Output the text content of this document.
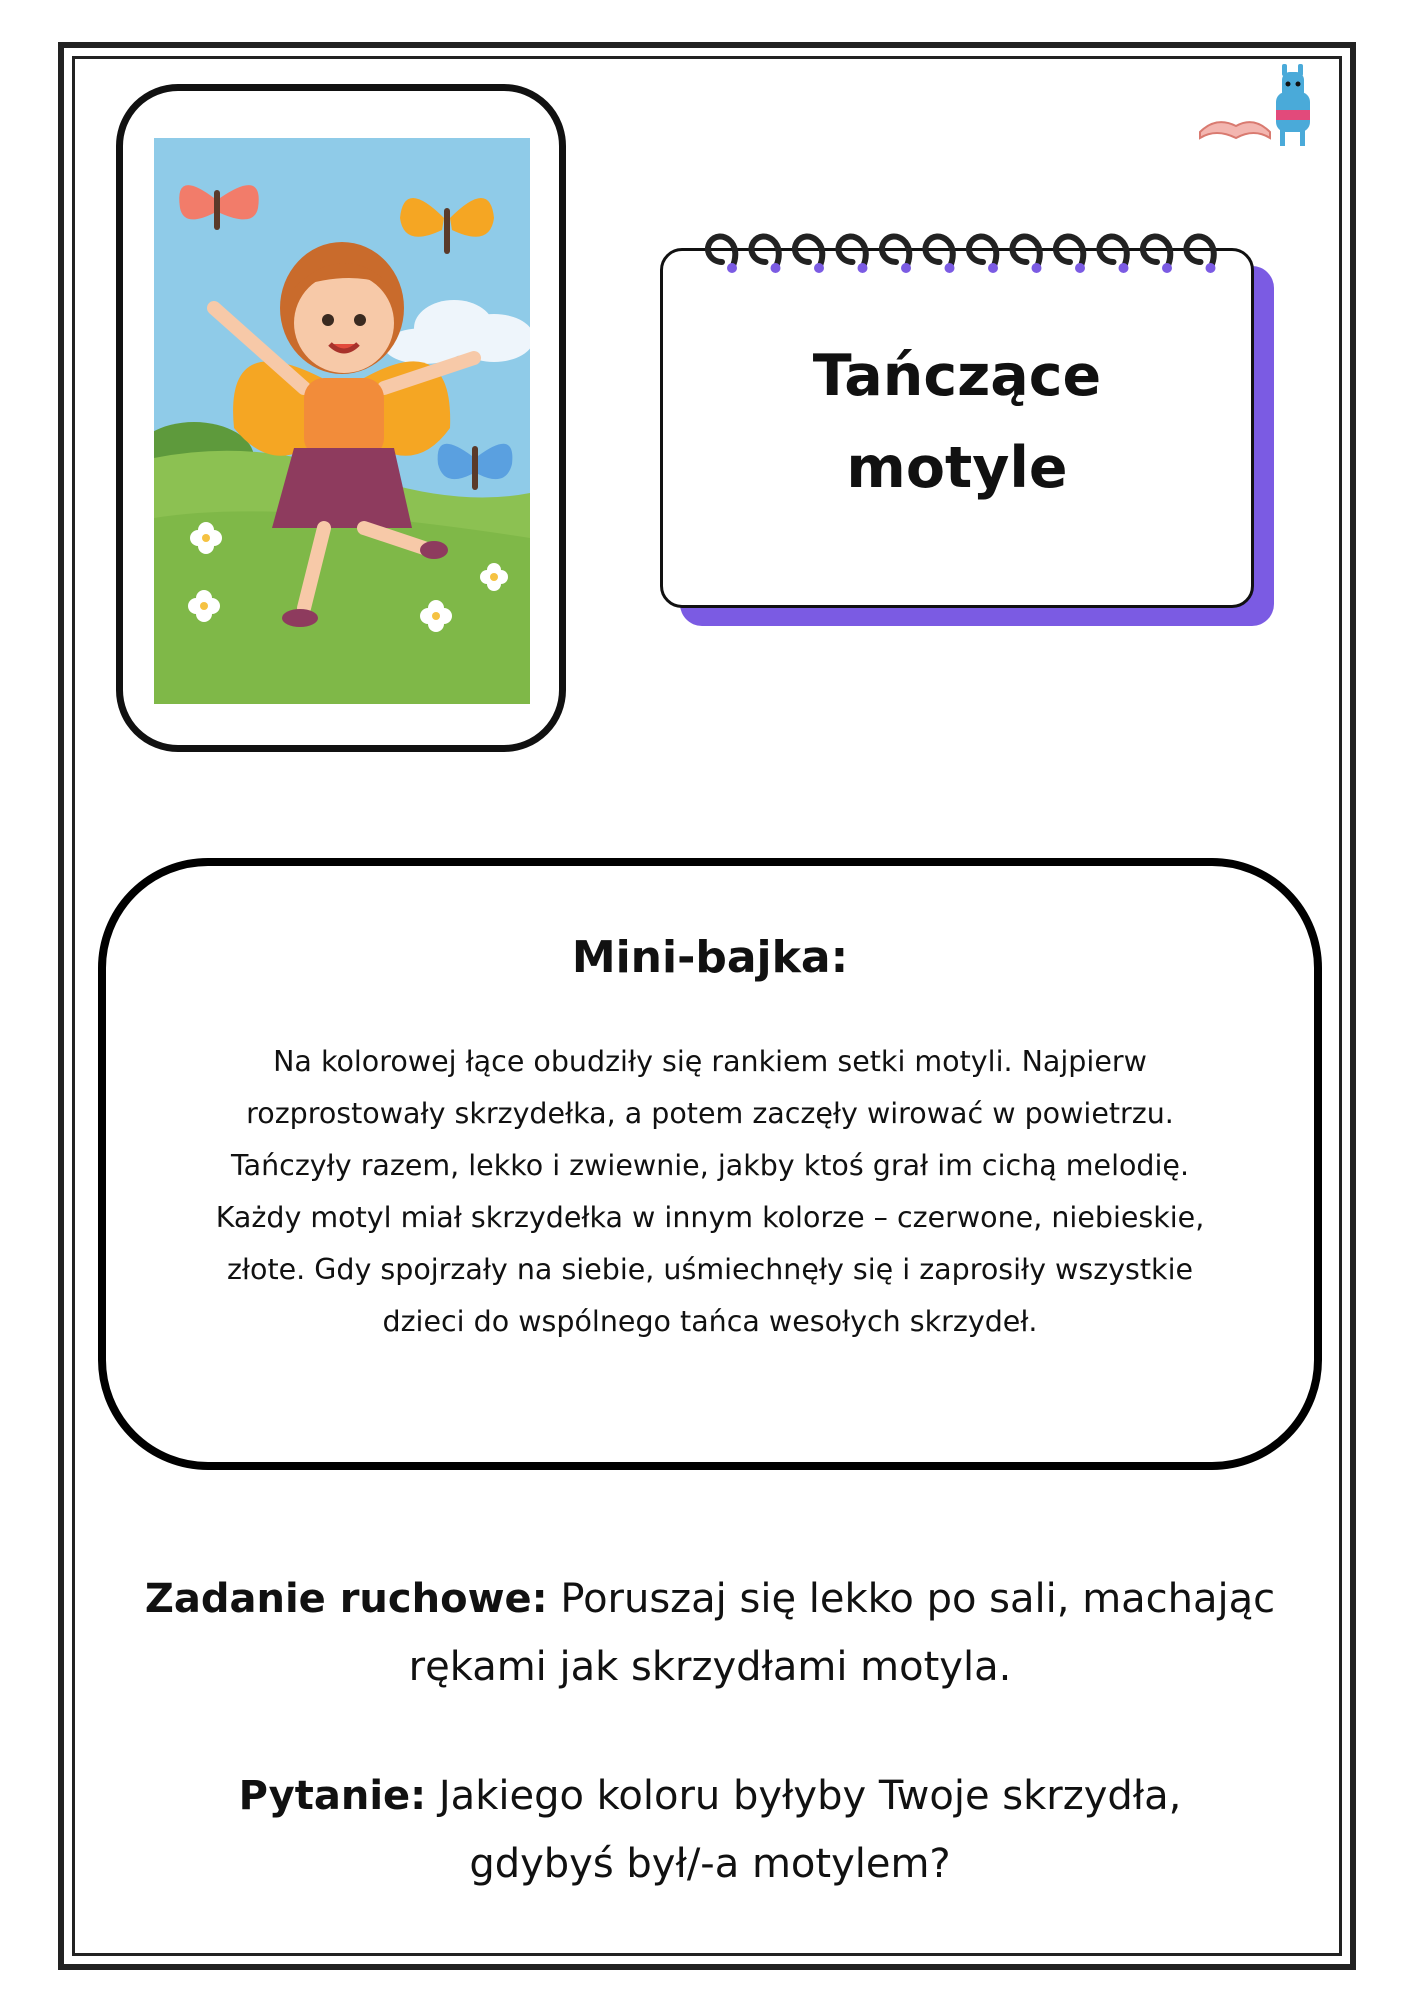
Tańczące
motyle
Mini-bajka:
Na kolorowej łące obudziły się rankiem setki motyli. Najpierw
rozprostowały skrzydełka, a potem zaczęły wirować w powietrzu.
Tańczyły razem, lekko i zwiewnie, jakby ktoś grał im cichą melodię.
Każdy motyl miał skrzydełka w innym kolorze – czerwone, niebieskie,
złote. Gdy spojrzały na siebie, uśmiechnęły się i zaprosiły wszystkie
dzieci do wspólnego tańca wesołych skrzydeł.
Zadanie ruchowe: Poruszaj się lekko po sali, machając
rękami jak skrzydłami motyla.
Pytanie: Jakiego koloru byłyby Twoje skrzydła,
gdybyś był/-a motylem?
